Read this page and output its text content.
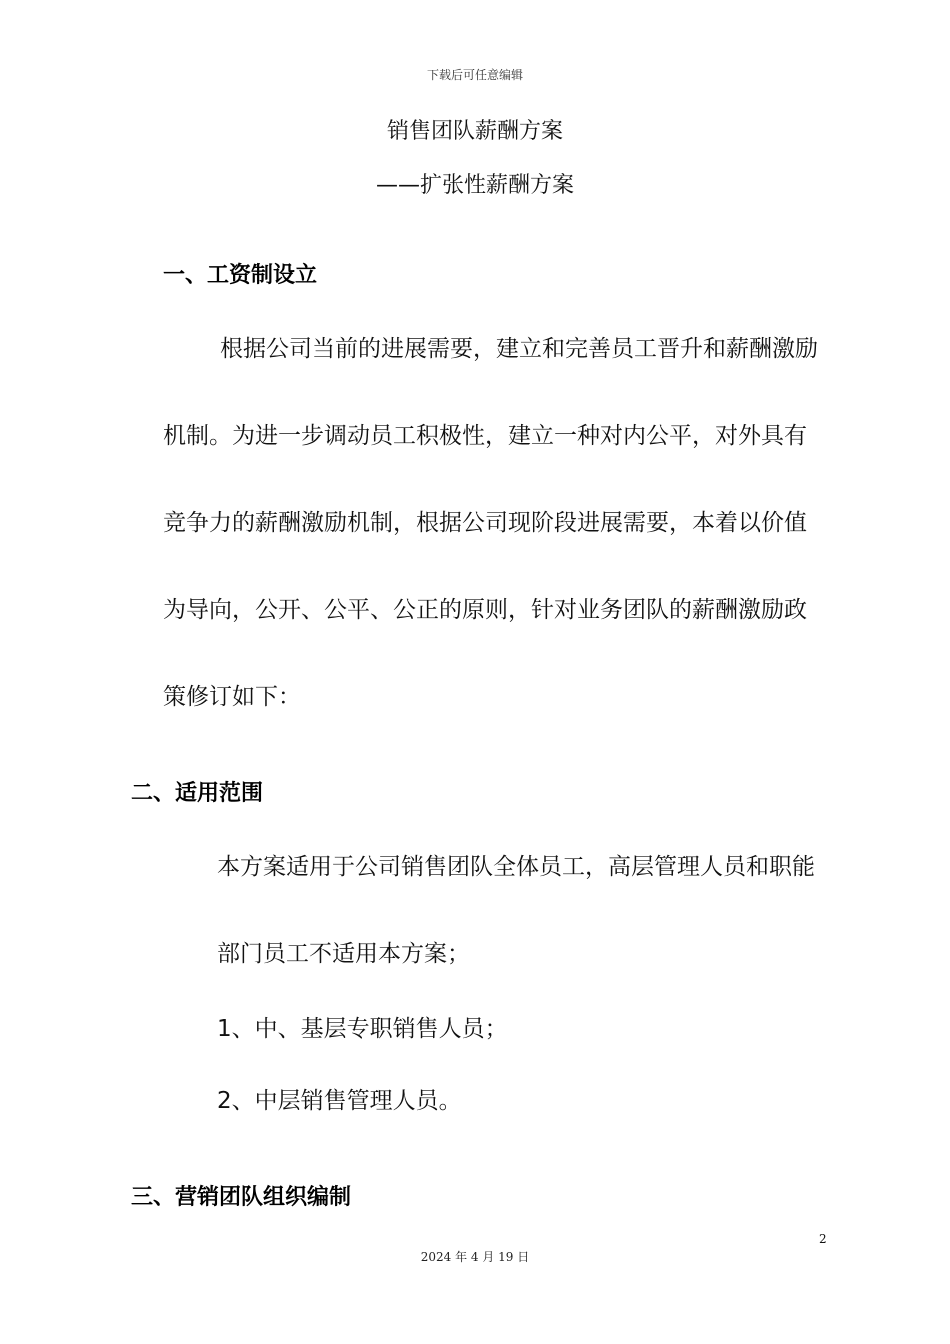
下载后可任意编辑
销售团队薪酬方案
——扩张性薪酬方案
一、工资制设立
根据公司当前的进展需要，建立和完善员工晋升和薪酬激励
机制。为进一步调动员工积极性，建立一种对内公平，对外具有
竞争力的薪酬激励机制，根据公司现阶段进展需要，本着以价值
为导向，公开、公平、公正的原则，针对业务团队的薪酬激励政
策修订如下：
二、适用范围
本方案适用于公司销售团队全体员工，高层管理人员和职能
部门员工不适用本方案；
1、中、基层专职销售人员；
2、中层销售管理人员。
三、营销团队组织编制
2
2024 年 4 月 19 日
